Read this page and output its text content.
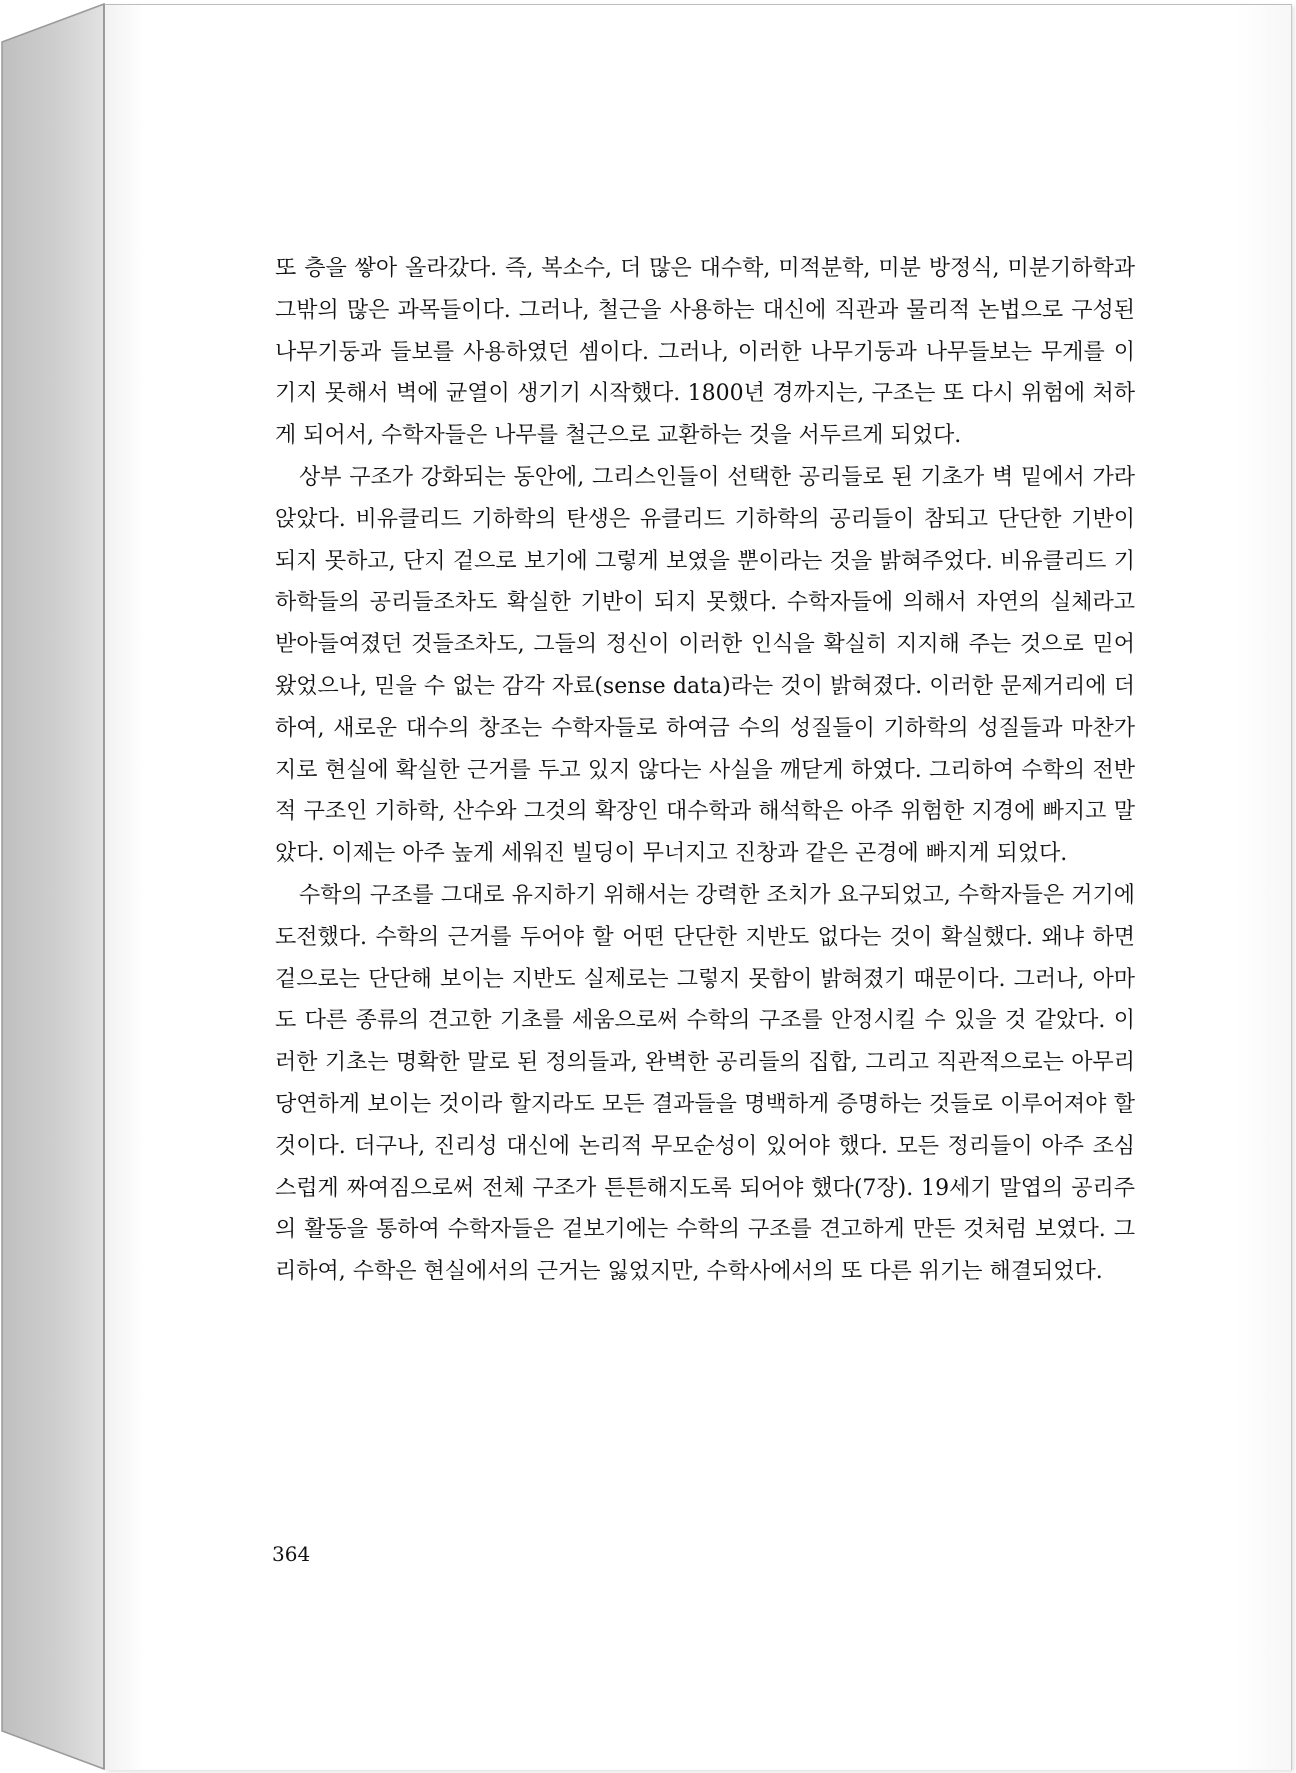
또 층을 쌓아 올라갔다. 즉, 복소수, 더 많은 대수학, 미적분학, 미분 방정식, 미분기하학과 그밖의 많은 과목들이다. 그러나, 철근을 사용하는 대신에 직관과 물리적 논법으로 구성된 나무기둥과 들보를 사용하였던 셈이다. 그러나, 이러한 나무기둥과 나무들보는 무게를 이기지 못해서 벽에 균열이 생기기 시작했다. 1800년 경까지는, 구조는 또 다시 위험에 처하게 되어서, 수학자들은 나무를 철근으로 교환하는 것을 서두르게 되었다.

상부 구조가 강화되는 동안에, 그리스인들이 선택한 공리들로 된 기초가 벽 밑에서 가라앉았다. 비유클리드 기하학의 탄생은 유클리드 기하학의 공리들이 참되고 단단한 기반이 되지 못하고, 단지 겉으로 보기에 그렇게 보였을 뿐이라는 것을 밝혀주었다. 비유클리드 기하학들의 공리들조차도 확실한 기반이 되지 못했다. 수학자들에 의해서 자연의 실체라고 받아들여졌던 것들조차도, 그들의 정신이 이러한 인식을 확실히 지지해 주는 것으로 믿어 왔었으나, 믿을 수 없는 감각 자료(sense data)라는 것이 밝혀졌다. 이러한 문제거리에 더하여, 새로운 대수의 창조는 수학자들로 하여금 수의 성질들이 기하학의 성질들과 마찬가지로 현실에 확실한 근거를 두고 있지 않다는 사실을 깨닫게 하였다. 그리하여 수학의 전반적 구조인 기하학, 산수와 그것의 확장인 대수학과 해석학은 아주 위험한 지경에 빠지고 말았다. 이제는 아주 높게 세워진 빌딩이 무너지고 진창과 같은 곤경에 빠지게 되었다.

수학의 구조를 그대로 유지하기 위해서는 강력한 조치가 요구되었고, 수학자들은 거기에 도전했다. 수학의 근거를 두어야 할 어떤 단단한 지반도 없다는 것이 확실했다. 왜냐 하면 겉으로는 단단해 보이는 지반도 실제로는 그렇지 못함이 밝혀졌기 때문이다. 그러나, 아마도 다른 종류의 견고한 기초를 세움으로써 수학의 구조를 안정시킬 수 있을 것 같았다. 이러한 기초는 명확한 말로 된 정의들과, 완벽한 공리들의 집합, 그리고 직관적으로는 아무리 당연하게 보이는 것이라 할지라도 모든 결과들을 명백하게 증명하는 것들로 이루어져야 할 것이다. 더구나, 진리성 대신에 논리적 무모순성이 있어야 했다. 모든 정리들이 아주 조심스럽게 짜여짐으로써 전체 구조가 튼튼해지도록 되어야 했다(7장). 19세기 말엽의 공리주의 활동을 통하여 수학자들은 겉보기에는 수학의 구조를 견고하게 만든 것처럼 보였다. 그리하여, 수학은 현실에서의 근거는 잃었지만, 수학사에서의 또 다른 위기는 해결되었다.

364
